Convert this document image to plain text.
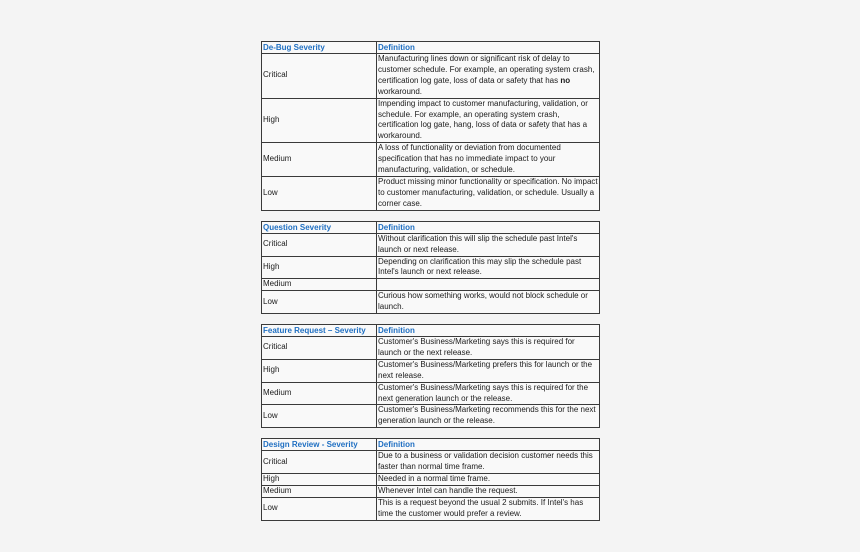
De-Bug Severity	Definition
Critical	Manufacturing lines down or significant risk of delay to customer schedule. For example, an operating system crash, certification log gate, loss of data or safety that has no workaround.
High	Impending impact to customer manufacturing, validation, or schedule. For example, an operating system crash, certification log gate, hang, loss of data or safety that has a workaround.
Medium	A loss of functionality or deviation from documented specification that has no immediate impact to your manufacturing, validation, or schedule.
Low	Product missing minor functionality or specification. No impact to customer manufacturing, validation, or schedule. Usually a corner case.
Question Severity	Definition
Critical	Without clarification this will slip the schedule past Intel's launch or next release.
High	Depending on clarification this may slip the schedule past Intel's launch or next release.
Medium	
Low	Curious how something works, would not block schedule or launch.
Feature Request – Severity	Definition
Critical	Customer's Business/Marketing says this is required for launch or the next release.
High	Customer's Business/Marketing prefers this for launch or the next release.
Medium	Customer's Business/Marketing says this is required for the next generation launch or the release.
Low	Customer's Business/Marketing recommends this for the next generation launch or the release.
Design Review - Severity	Definition
Critical	Due to a business or validation decision customer needs this faster than normal time frame.
High	Needed in a normal time frame.
Medium	Whenever Intel can handle the request.
Low	This is a request beyond the usual 2 submits. If Intel's has time the customer would prefer a review.
